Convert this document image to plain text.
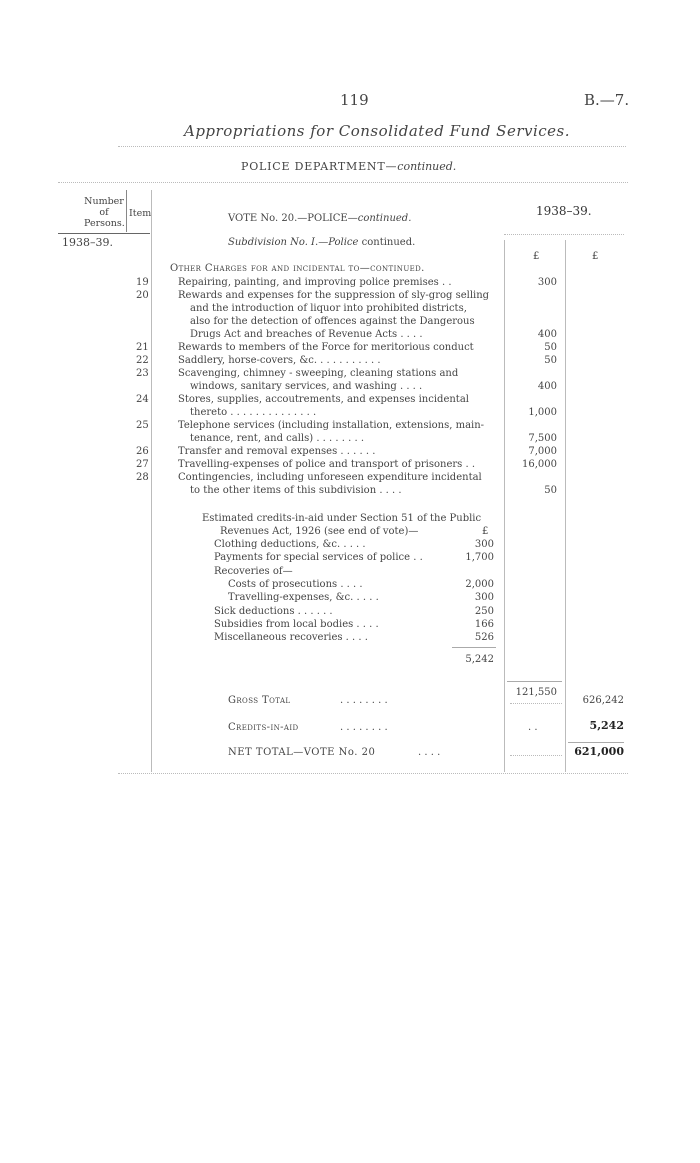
119	B.—7.
Appropriations for Consolidated Fund Services.
POLICE DEPARTMENT—continued.
Number of Persons.
Item	VOTE No. 20.—POLICE—continued.
1938–39.
1938–39.	Subdivision No. I.—Police continued.
£	£
Other Charges for and incidental to—continued.
19	Repairing, painting, and improving police premises . .	300
20	Rewards and expenses for the suppression of sly-grog selling
and the introduction of liquor into prohibited districts,
also for the detection of offences against the Dangerous
Drugs Act and breaches of Revenue Acts . . . .	400
21	Rewards to members of the Force for meritorious conduct	50
22	Saddlery, horse-covers, &c. . . . . . . . . . .	50
23	Scavenging, chimney - sweeping, cleaning stations and
windows, sanitary services, and washing . . . .	400
24	Stores, supplies, accoutrements, and expenses incidental
thereto . . . . . . . . . . . . . .	1,000
25	Telephone services (including installation, extensions, main-
tenance, rent, and calls) . . . . . . . .	7,500
26	Transfer and removal expenses . . . . . .	7,000
27	Travelling-expenses of police and transport of prisoners . .	16,000
28	Contingencies, including unforeseen expenditure incidental
to the other items of this subdivision . . . .	50
Estimated credits-in-aid under Section 51 of the Public
Revenues Act, 1926 (see end of vote)—	£
Clothing deductions, &c. . . . .	300
Payments for special services of police . .	1,700
Recoveries of—
Costs of prosecutions . . . .	2,000
Travelling-expenses, &c. . . . .	300
Sick deductions . . . . . .	250
Subsidies from local bodies . . . .	166
Miscellaneous recoveries . . . .	526
5,242
121,550
Gross Total	. . . . . . . .	626,242
Credits-in-aid	. . . . . . . .	. .	5,242
NET TOTAL—VOTE No. 20	. . . .	621,000
